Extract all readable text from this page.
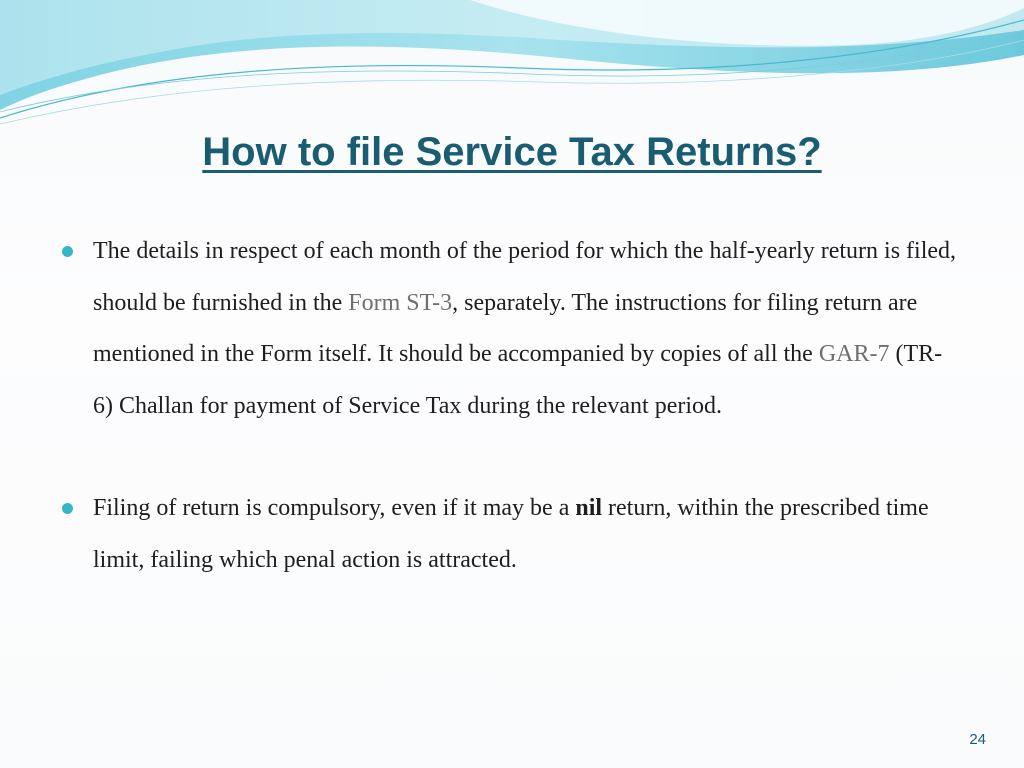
How to file Service Tax Returns?
The details in respect of each month of the period for which the half-yearly return is filed, should be furnished in the Form ST-3, separately. The instructions for filing return are mentioned in the Form itself. It should be accompanied by copies of all the GAR-7 (TR-6) Challan for payment of Service Tax during the relevant period.
Filing of return is compulsory, even if it may be a nil return, within the prescribed time limit, failing which penal action is attracted.
24
